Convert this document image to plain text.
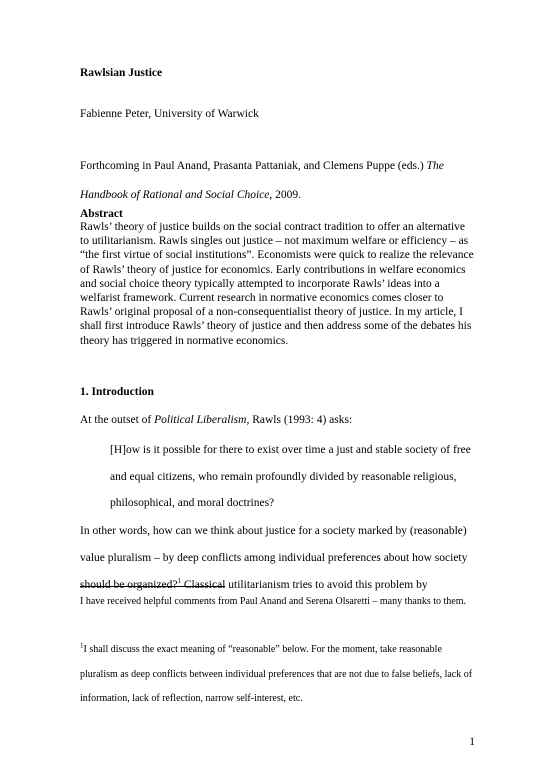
Rawlsian Justice

Fabienne Peter, University of Warwick

Forthcoming in Paul Anand, Prasanta Pattaniak, and Clemens Puppe (eds.) The Handbook of Rational and Social Choice, 2009.

Abstract

Rawls’ theory of justice builds on the social contract tradition to offer an alternative to utilitarianism. Rawls singles out justice – not maximum welfare or efficiency – as “the first virtue of social institutions”. Economists were quick to realize the relevance of Rawls’ theory of justice for economics. Early contributions in welfare economics and social choice theory typically attempted to incorporate Rawls’ ideas into a welfarist framework. Current research in normative economics comes closer to Rawls’ original proposal of a non-consequentialist theory of justice. In my article, I shall first introduce Rawls’ theory of justice and then address some of the debates his theory has triggered in normative economics.

1. Introduction

At the outset of Political Liberalism, Rawls (1993: 4) asks:

[H]ow is it possible for there to exist over time a just and stable society of free and equal citizens, who remain profoundly divided by reasonable religious, philosophical, and moral doctrines?

In other words, how can we think about justice for a society marked by (reasonable) value pluralism – by deep conflicts among individual preferences about how society should be organized?$^1$ Classical utilitarianism tries to avoid this problem by

I have received helpful comments from Paul Anand and Serena Olsaretti – many thanks to them.

$^1$I shall discuss the exact meaning of “reasonable” below. For the moment, take reasonable pluralism as deep conflicts between individual preferences that are not due to false beliefs, lack of information, lack of reflection, narrow self-interest, etc.

1
